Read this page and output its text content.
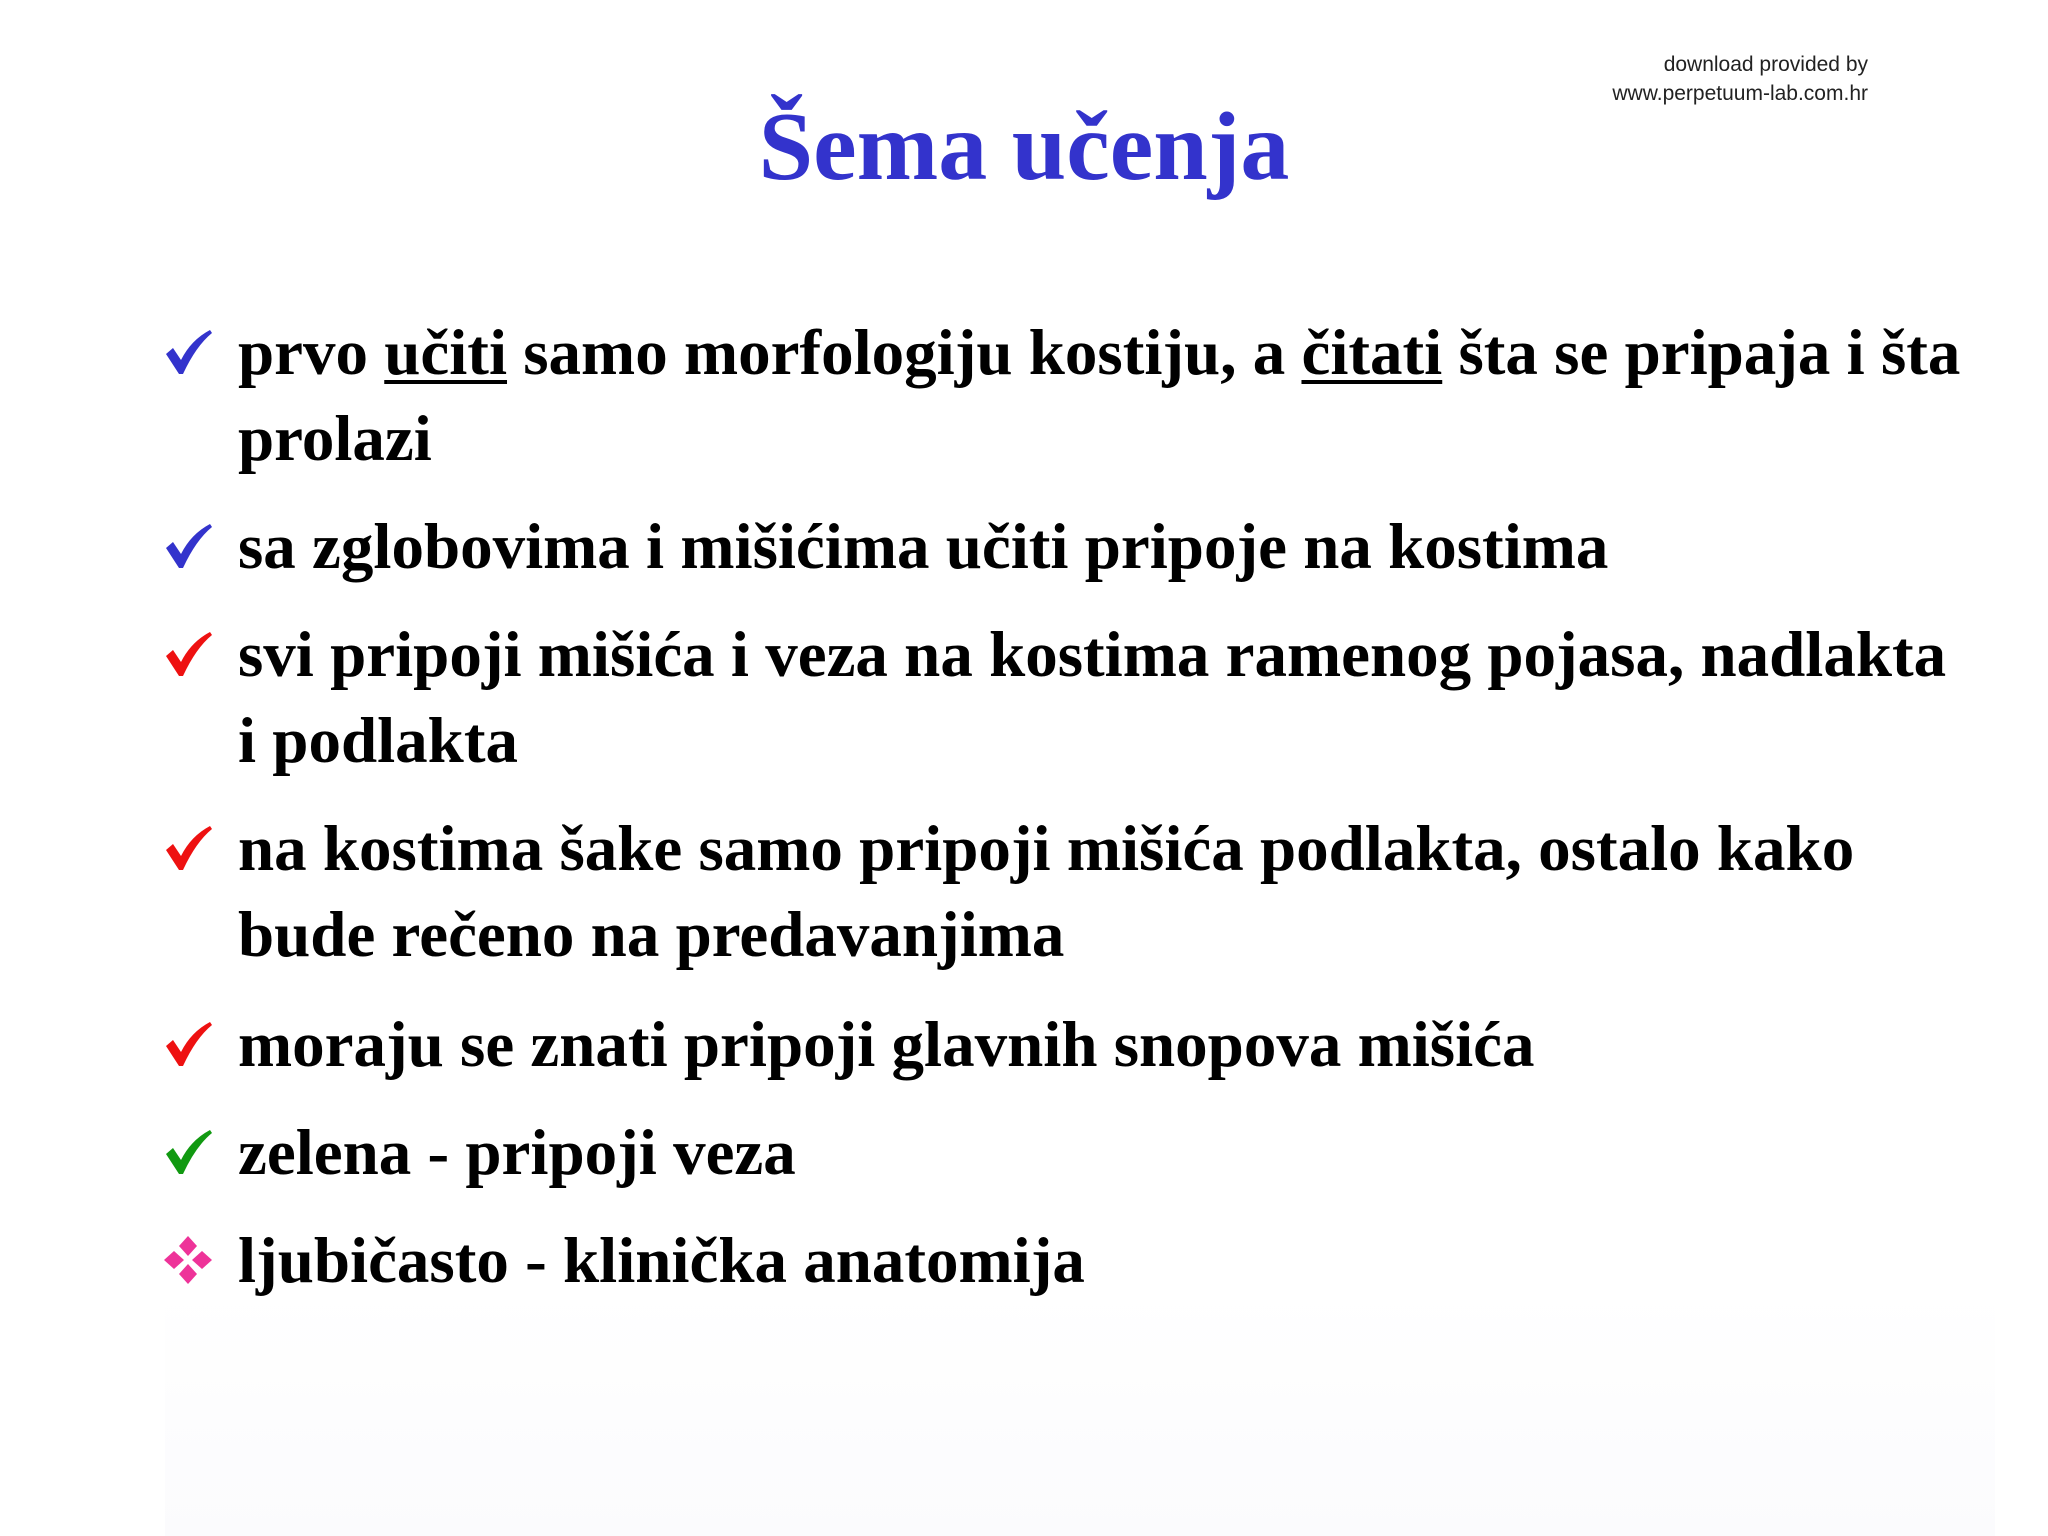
download provided by
www.perpetuum-lab.com.hr
Šema učenja
prvo učiti samo morfologiju kostiju, a čitati šta se pripaja i šta prolazi
sa zglobovima i mišićima učiti pripoje na kostima
svi pripoji mišića i veza na kostima ramenog pojasa, nadlakta i podlakta
na kostima šake samo pripoji mišića podlakta, ostalo kako bude rečeno na predavanjima
moraju se znati pripoji glavnih snopova mišića
zelena - pripoji veza
ljubičasto - klinička anatomija
